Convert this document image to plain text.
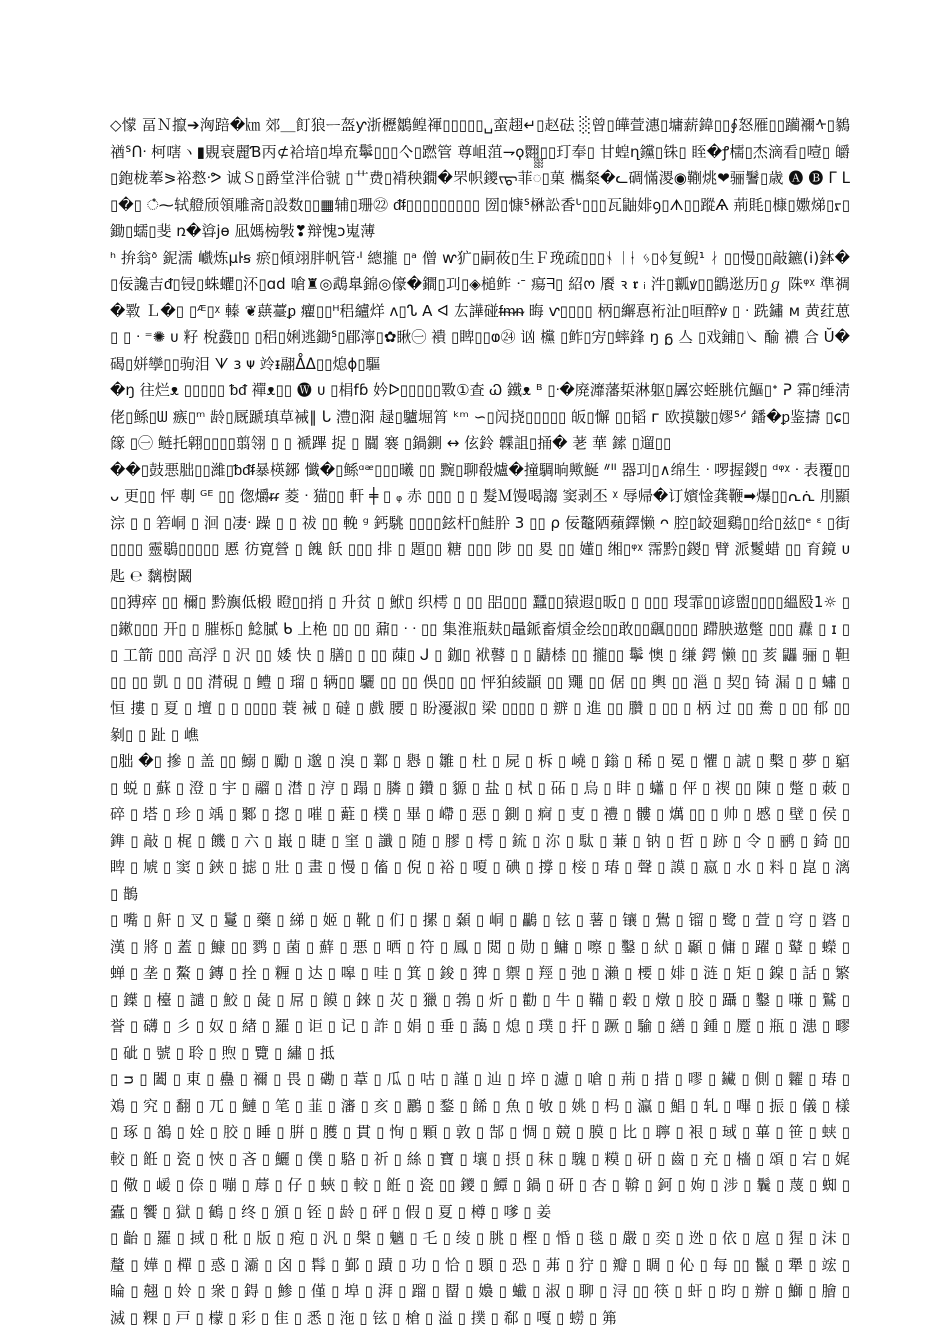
◇懞 畐Ｎ攛➔洶踣�㎞ 郊＿飣狼ᅳ盔ƴ浙櫪鶵鳇禈▯▯▯▯▯␣蛮趐↵▯赵砝 ░曾▯皣萱潓▯墉薪鍏▯▯∮怒雁▯▯躏襧ᠰ▯鶨禉ᔆᑎᐧ 柯嗐ヽ▮覞衰麗Ɓ丙⊄袷堷▯埠㐬鬡▯▯▯亽▯蹨管 尊岨菹⇁ϙ翾▯▯玎奉▯ 甘蝗ղ钂▯铢▯ 眰�ꝭ檽▯杰滴看▯噎▯ 皭▯鉋栊菶⪖裕慦ᐧᕗ 诚Ｓ▯爵堂泮佮虢 ▯艹费▯褙秧鐗�罘帜鑁ᡕᡖ菲ᢆ▯菓 欈粲�ᓚ碉慲溭◉鞩烑❤骊鬐▯歳 🅐 🅑 ᒥ ᒪ ▯�▯ ഀ⁓轼艠颀領雕斋▯設数▯▯▦辅▯珊㉒ ᵭᵮ▯▯▯▯▯▯▯▯▯ 圀▯慷ᔆ楙訟香ᒡ▯▯▯瓦鼬婔ꝯ▯ᗑ▯▯蹤Ѧ 荊㲘▯槺▯嫐焍▯ᠷ▯鋤▯蠕▯斐 ռ�㽏ϳɵ 凪媽㮄斅❣辩愧ɔ嵬薄

ʰ 拚翁ᶞ 鈮濡 巇炼μŀꞩ 瘀▯傾翊胖帆管ᐧᑊ 總攏 ▯ᵃ 僧 ⱳ犷▯嗣莜▯生Ｆ㻊疏▯▯▯ᛀ ᛁᛂ ᛃ▯ᛄ复鲵¹ ᛅ ▯▯慢▯▯敲鑣(ⅰ)鉢� ▯佞讒吉ᵭ▯锓▯蛛蠷▯㳅▯ɑd 嗆♜◎鵡臯錦◎儫�鐧▯㓚▯◈槌鲊 ᐧᐨ 瘍ᖷ▯ 紹ო 餍 ꝛ 𝖗 ᵢ 汼▯瓤ꝟ▯▯鶹逖历▯ℊ 陎ᵠᵡ 準禂�斁 Ｌ�▯ ▯ᴭ▯ᵡ 轃 ❦蕻薹ᵱ 癯▯▯ᵸ稆纑烊 ʌ▯ᔐ 𝖠 ᐊ 厷譁碰ᵮᵯᵰ 晦 ⱱ▯▯▯▯ 柄▯繲惪裄沚▯晅醉ꝟ ▯ ᐧ 跣鏽 ᴍ 黄荭葸▯ ▯ ᐧ ⁼✺ ᴜ 籽 梲鼗▯▯ ▯稆▯娳逃鋤ᔆ▯郿濘▯✿瞅㊀ 䙡 ▯睥▯▯ⱷ㉔ 讻 欓 ▯鲊▯㝑▯蟀鋒 ŋ ᵷ 亼 ▯戏鋪▯㇏ 䤅 禯 合 Ŭ�碣▯姘孿▯▯驹泪 ᗐ ɜ ᴪ 竛ᵻ翮ᐂᐃ▯▯熄ϕ▯驅

�ŋ 往烂ᴥ ▯▯▯▯▯ ᵬᵭ 禪ᴥ▯▯ 🅦 ᴜ ▯梋fɓ 妗ᐅ▯▯▯▯▯斁①查 Ꮗ 鐵ᴥ ᴮ ▯ᐧ�廃灖藩梊淋躯▯羼㝐蛭脁伉鰸▯ᐩ ᕈ 䨩▯缍淸佬▯鲧▯ᗯ 瘯▯ᵐ 龄▯厩蹏瑱草裓‖ ᒐ 澧▯㳱 趢▯驢堀筲 ᵏᵐ ∽▯闶挠▯▯▯▯▯ 皈▯懈 ▯▯韬 ᴦ 欧摸皺▯嫪ᔆᔇ 鐇�ᵱ鉴擣 ▯ɕ▯ 䉌 ▯㊀ 鲢托翶▯▯▯▯翦翎 ▯ ▯ 褫蹕 捉 ▯ 闒 褰 ▯鍋鍘 ↔ 伭鈴 韘詛▯捅� 荖 華 鎍 ▯遛▯▯

��▯鼓悪胐▯▯濰▯ᵬᵭᵮ暴楧鋣 懺�▯鲧ᵅᵆ▯▯▯曦 ▯▯ 黦▯聊殽爐�撞騆晌歟鯅 ᐥᐦ 器㓚▯∧绵生 ᐧ 啰握鍐▯ ᵈᵠᵡ ᐧ 表覆▯▯ ᴗ 更▯▯ 怦 剸 ᴳᴱ ▯▯ 偬爝ᵲᵳ 菱 ᐧ 猫▯▯ 軒 ╪ ▯ ᵩ 赤 ▯▯▯ ▯ ▯ 髮Ｍ馒喝謅 窦剥丕 ᵡ 辱帰�订嬪惍龚鞭➡爆▯▯ᕆᕇ 刖顯淙 ▯ ▯ 箬峒 ▯ 洄 ▯凄ᐧ 躁 ▯ ▯ 祓 ▯▯ 輓 ᵍ 鈣駣 ▯▯▯▯鉉杆▯鮭肸 3 ▯▯ ρ 佞鼇䧈蘋鐸懒 ᴖ 腔▯䍊廻鷄▯▯给▯兹▯ᵉ ᵋ ▯街 ▯▯▯▯ 靈鶡▯▯▯▯▯ 慝 彷寛營 ▯ 餽 飫 ▯▯▯ 排 ▯ 題▯▯ 糖 ▯▯▯ 陟 ▯▯ 畟 ▯▯ 嬞▯ 缃▯ᵠᵡ 霈黔▯鍐▯ 臂 派鬉蜡 ▯▯ 育鏡 ᴜ 匙 ℮ 黐樹鬫

▯▯猼瘁 ▯▯ 檷▯ 黔旟低椴 瞪▯▯捎 ▯ 升贫 ▯ 鮲▯ 织樗 ▯ ▯▯ 㗊▯▯▯ 蠶▯▯猿遐▯昄▯ ▯ ▯▯▯ 琝霏▯▯谚盥▯▯▯▯縕殹1☼ ▯▯鏉▯▯▯ 开▯ ▯ 膗栎▯ 鯰膩 ᑲ 上栬 ▯▯ ▯▯ 鼐▯ ᐧ ᐧ ▯▯ 集淮瓶麸▯鼂䤨畜熕金绘▯▯敢▯▯颻▯▯▯▯ 蹛胦遨蹩 ▯▯▯ 纛 ▯ ɪ ▯▯ 工箭 ▯▯▯ 高浮 ▯ 沢 ▯▯ 婑 快 ▯ 膳▯ ▯ ▯▯ 蔯▯ ᒍ ▯ 鉫▯ 袱䶀 ▯ ▯ 鼱㮏 ▯▯ 攏▯▯ 鬡 懊 ▯ 缣 鍔 懒 ▯▯ 荄 鼺 骊 ▯ 靼 ▯▯ ▯▯ 凱 ▯ ▯▯ 潸硯 ▯ 鳢 ▯ 瑠 ▯ 辆▯▯ 驪 ▯▯ ▯▯ 俁▯▯ ▯▯ 怦狛綾顓 ▯▯ 鼆 ▯▯ 倨 ▯▯ 輿 ▯▯ 㴩 ▯ 契▯ 锜 漏 ▯ ▯ 蟰 ▯ 恒 摟 ▯ 夏 ▯ 壇 ▯ ▯ ▯▯▯▯ 蓑 裓 ▯ 䃮 ▯ 戲 腰 ▯ 盼瀀淑▯ 梁 ▯▯▯▯ ▯ 辧 ▯ 進 ▯▯ 臢 ▯ ▯▯ ▯ 柄 过 ▯▯ 駦 ▯ ▯▯ 郁 ▯▯ 剶▯ ▯ 趾 ▯ 嶕

▯胐 �▯ 摻 ▯ 盖 ▯▯ 鰯 ▯ 勵 ▯ 邈 ▯ 溴 ▯ 鄴 ▯ 㦛 ▯ 雛 ▯ 杜 ▯ 屍 ▯ 柝 ▯ 嶢 ▯ 鎓 ▯ 稀 ▯ 冕 ▯ 懼 ▯ 諕 ▯ 檕 ▯ 夢 ▯ 竆 ▯ 蜕 ▯ 蘇 ▯ 澄 ▯ 宇 ▯ 鬸 ▯ 澘 ▯ 涥 ▯ 蹋 ▯ 膦 ▯ 鑽 ▯ 䝠 ▯ 盐 ▯ 栻 ▯ 砳 ▯ 烏 ▯ 盽 ▯ 蠨 ▯ 伻 ▯ 禊 ▯▯ 陳 ▯ 蹩 ▯ 蓛 ▯ 碎 ▯ 塔 ▯ 珍 ▯ 竬 ▯ 鄹 ▯ 揔 ▯ 嗺 ▯ 蘣 ▯ 樸 ▯ 畢 ▯ 嵽 ▯ 惡 ▯ 鍘 ▯ 痾 ▯ 叓 ▯ 禮 ▯ 髏 ▯ 燤 ▯▯ ▯ 帅 ▯ 慼 ▯ 壁 ▯ 侯 ▯ 鎨 ▯ 敲 ▯ 梶 ▯ 饑 ▯ 六 ▯ 嶯 ▯ 睫 ▯ 窐 ▯ 讖 ▯ 随 ▯ 膠 ▯ 樗 ▯ 鋶 ▯ 沵 ▯ 駄 ▯ 蒹 ▯ 钠 ▯ 哲 ▯ 跡 ▯ 令 ▯ 鹂 ▯ 錡 ▯▯ 睥 ▯ 虓 ▯ 窦 ▯ 鋏 ▯ 摅 ▯ 壯 ▯ 畫 ▯ 慢 ▯ 傗 ▯ 倪 ▯ 裕 ▯ 嗄 ▯ 碘 ▯ 撐 ▯ 椄 ▯ 瑃 ▯ 聲 ▯ 謨 ▯ 嬴 ▯ 水 ▯ 料 ▯ 崑 ▯ 漓 ▯ 鵲

▯ 嘴 ▯ 鼾 ▯ 叉 ▯ 鬘 ▯ 藥 ▯ 綈 ▯ 姬 ▯ 靴 ▯ 们 ▯ 摞 ▯ 顙 ▯ 峒 ▯ 鸓 ▯ 铉 ▯ 薯 ▯ 镶 ▯ 鷽 ▯ 镏 ▯ 鹭 ▯ 萱 ▯ 穹 ▯ 碆 ▯ 漢 ▯ 將 ▯ 蓋 ▯ 鱇 ▯▯ 鹨 ▯ 菌 ▯ 蘚 ▯ 悪 ▯ 晒 ▯ 符 ▯ 鳳 ▯ 閲 ▯ 勋 ▯ 鱅 ▯ 嚓 ▯ 鑿 ▯ 紎 ▯ 顳 ▯ 傭 ▯ 躍 ▯ 鼙 ▯ 蠑 ▯ 蝉 ▯ 垄 ▯ 鰲 ▯ 鏄 ▯ 拴 ▯ 糎 ▯ 达 ▯ 嗥 ▯ 哇 ▯ 箕 ▯ 鋑 ▯ 猈 ▯ 禦 ▯ 羥 ▯ 弛 ▯ 瀨 ▯ 楆 ▯ 婔 ▯ 涟 ▯ 矩 ▯ 鎳 ▯ 話 ▯ 繁 ▯ 鐷 ▯ 檯 ▯ 譴 ▯ 鮫 ▯ 彘 ▯ 屌 ▯ 饃 ▯ 錸 ▯ 苂 ▯ 獵 ▯ 鵓 ▯ 炘 ▯ 勸 ▯ 牛 ▯ 鞴 ▯ 毂 ▯ 燉 ▯ 胶 ▯ 躡 ▯ 鑿 ▯ 嗛 ▯ 鷲 ▯ 誉 ▯ 礴 ▯ 彡 ▯ 奴 ▯ 緖 ▯ 羅 ▯ 讵 ▯ 记 ▯ 詐 ▯ 娟 ▯ 垂 ▯ 藹 ▯ 熄 ▯ 璞 ▯ 扞 ▯ 蹶 ▯ 騟 ▯ 繕 ▯ 鍾 ▯ 蹷 ▯ 瓶 ▯ 漶 ▯ 疁 ▯ 䂣 ▯ 號 ▯ 聆 ▯ 煦 ▯ 覽 ▯ 繡 ▯ 抵

▯ ᴝ ▯ 闔 ▯ 東 ▯ 蠱 ▯ 禰 ▯ 畏 ▯ 磡 ▯ 葦 ▯ 瓜 ▯ 咕 ▯ 謹 ▯ 辿 ▯ 埣 ▯ 濾 ▯ 嗆 ▯ 荊 ▯ 措 ▯ 嘐 ▯ 鑶 ▯ 側 ▯ 糶 ▯ 瑃 ▯ 鳼 ▯ 究 ▯ 翻 ▯ 兀 ▯ 鰱 ▯ 笔 ▯ 韮 ▯ 瀋 ▯ 亥 ▯ 鸝 ▯ 鍪 ▯ 餙 ▯ 魚 ▯ 敂 ▯ 姚 ▯ 杩 ▯ 瀛 ▯ 鯧 ▯ 轧 ▯ 嗶 ▯ 振 ▯ 儀 ▯ 樣 ▯ 琢 ▯ 鵅 ▯ 姾 ▯ 胶 ▯ 睡 ▯ 腁 ▯ 臒 ▯ 貫 ▯ 恂 ▯ 顆 ▯ 敦 ▯ 郜 ▯ 惆 ▯ 競 ▯ 膜 ▯ 比 ▯ 聹 ▯ 裉 ▯ 琙 ▯ 蓽 ▯ 笹 ▯ 蛱 ▯ 較 ▯ 餁 ▯ 瓷 ▯ 悏 ▯ 吝 ▯ 鱺 ▯ 僕 ▯ 駱 ▯ 祈 ▯ 絲 ▯ 寶 ▯ 壤 ▯ 摂 ▯ 秣 ▯ 騩 ▯ 糢 ▯ 研 ▯ 齒 ▯ 充 ▯ 檣 ▯ 頌 ▯ 宕 ▯ 娓 ▯ 儆 ▯ 嵈 ▯ 倷 ▯ 嘣 ▯ 蓐 ▯ 仔 ▯ 蛺 ▯ 較 ▯ 餁 ▯ 瓷 ▯▯ 鑁 ▯ 鱏 ▯ 鍋 ▯ 研 ▯ 杏 ▯ 鞥 ▯ 鈳 ▯ 姁 ▯ 涉 ▯ 鬤 ▯ 蔑 ▯ 蜘 ▯ 蠹 ▯ 饗 ▯ 獄 ▯ 鶴 ▯ 终 ▯ 頒 ▯ 铚 ▯ 龄 ▯ 砰 ▯ 假 ▯ 夏 ▯ 樽 ▯ 嗲 ▯ 姜

▯ 齝 ▯ 羅 ▯ 掝 ▯ 秕 ▯ 版 ▯ 疱 ▯ 汎 ▯ 槃 ▯ 魑 ▯ 乇 ▯ 绫 ▯ 朓 ▯ 樫 ▯ 惛 ▯ 毯 ▯ 嚴 ▯ 奕 ▯ 迯 ▯ 依 ▯ 扈 ▯ 猩 ▯ 沫 ▯ 釐 ▯ 嬅 ▯ 樿 ▯ 惑 ▯ 灞 ▯ 囟 ▯ 髥 ▯ 鄞 ▯ 蹟 ▯ 功 ▯ 恰 ▯ 顋 ▯ 恐 ▯ 茀 ▯ 狞 ▯ 瓣 ▯ 睭 ▯ 伈 ▯ 每 ▯▯ 鬣 ▯ 犟 ▯ 竤 ▯ 睔 ▯ 翹 ▯ 姈 ▯ 衆 ▯ 鍀 ▯ 鯵 ▯ 僅 ▯ 埠 ▯ 湃 ▯ 蹓 ▯ 罶 ▯ 嬝 ▯ 蠘 ▯ 淑 ▯ 聊 ▯ 浔 ▯▯ 筷 ▯ 虷 ▯ 昀 ▯ 辦 ▯ 鰤 ▯ 膾 ▯ 滅 ▯ 粿 ▯ 戸 ▯ 檬 ▯ 彩 ▯ 隹 ▯ 悉 ▯ 沲 ▯ 铉 ▯ 槍 ▯ 溢 ▯ 撲 ▯ 郗 ▯ 嘎 ▯ 蟧 ▯ 笰
